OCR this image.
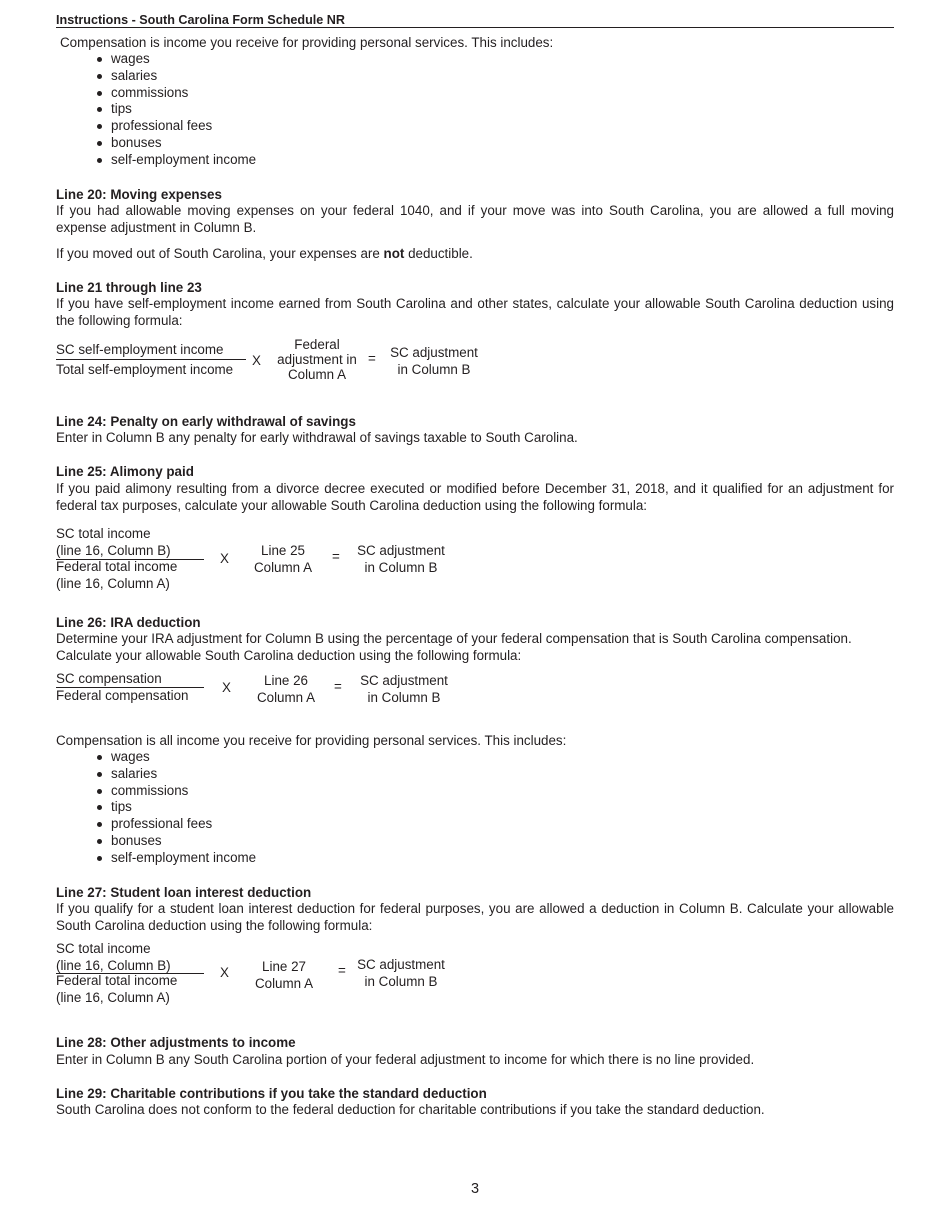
Instructions - South Carolina Form Schedule NR

Compensation is income you receive for providing personal services. This includes:

wages
salaries
commissions
tips
professional fees
bonuses
self-employment income
Line 20: Moving expenses

If you had allowable moving expenses on your federal 1040, and if your move was into South Carolina, you are allowed a full moving expense adjustment in Column B.

If you moved out of South Carolina, your expenses are not deductible.

Line 21 through line 23

If you have self-employment income earned from South Carolina and other states, calculate your allowable South Carolina deduction using the following formula:

SC self-employment income
Total self-employment income
X
Federal
adjustment in
Column A
=	SC adjustment
in Column B
Line 24: Penalty on early withdrawal of savings

Enter in Column B any penalty for early withdrawal of savings taxable to South Carolina.

Line 25: Alimony paid

If you paid alimony resulting from a divorce decree executed or modified before December 31, 2018, and it qualified for an adjustment for federal tax purposes, calculate your allowable South Carolina deduction using the following formula:

SC total income
(line 16, Column B)
Federal total income
(line 16, Column A)
X
Line 25
Column A
=	SC adjustment
in Column B
Line 26: IRA deduction

Determine your IRA adjustment for Column B using the percentage of your federal compensation that is South Carolina compensation. Calculate your allowable South Carolina deduction using the following formula:

SC compensation
Federal compensation
X	Line 26
Column A
=	SC adjustment
in Column B

Compensation is all income you receive for providing personal services. This includes:

wages
salaries
commissions
tips
professional fees
bonuses
self-employment income
Line 27: Student loan interest deduction

If you qualify for a student loan interest deduction for federal purposes, you are allowed a deduction in Column B. Calculate your allowable South Carolina deduction using the following formula:

SC total income
(line 16, Column B)
Federal total income
(line 16, Column A)
X	Line 27
Column A
= SC adjustment
in Column B
Line 28: Other adjustments to income

Enter in Column B any South Carolina portion of your federal adjustment to income for which there is no line provided.

Line 29: Charitable contributions if you take the standard deduction

South Carolina does not conform to the federal deduction for charitable contributions if you take the standard deduction.

3
